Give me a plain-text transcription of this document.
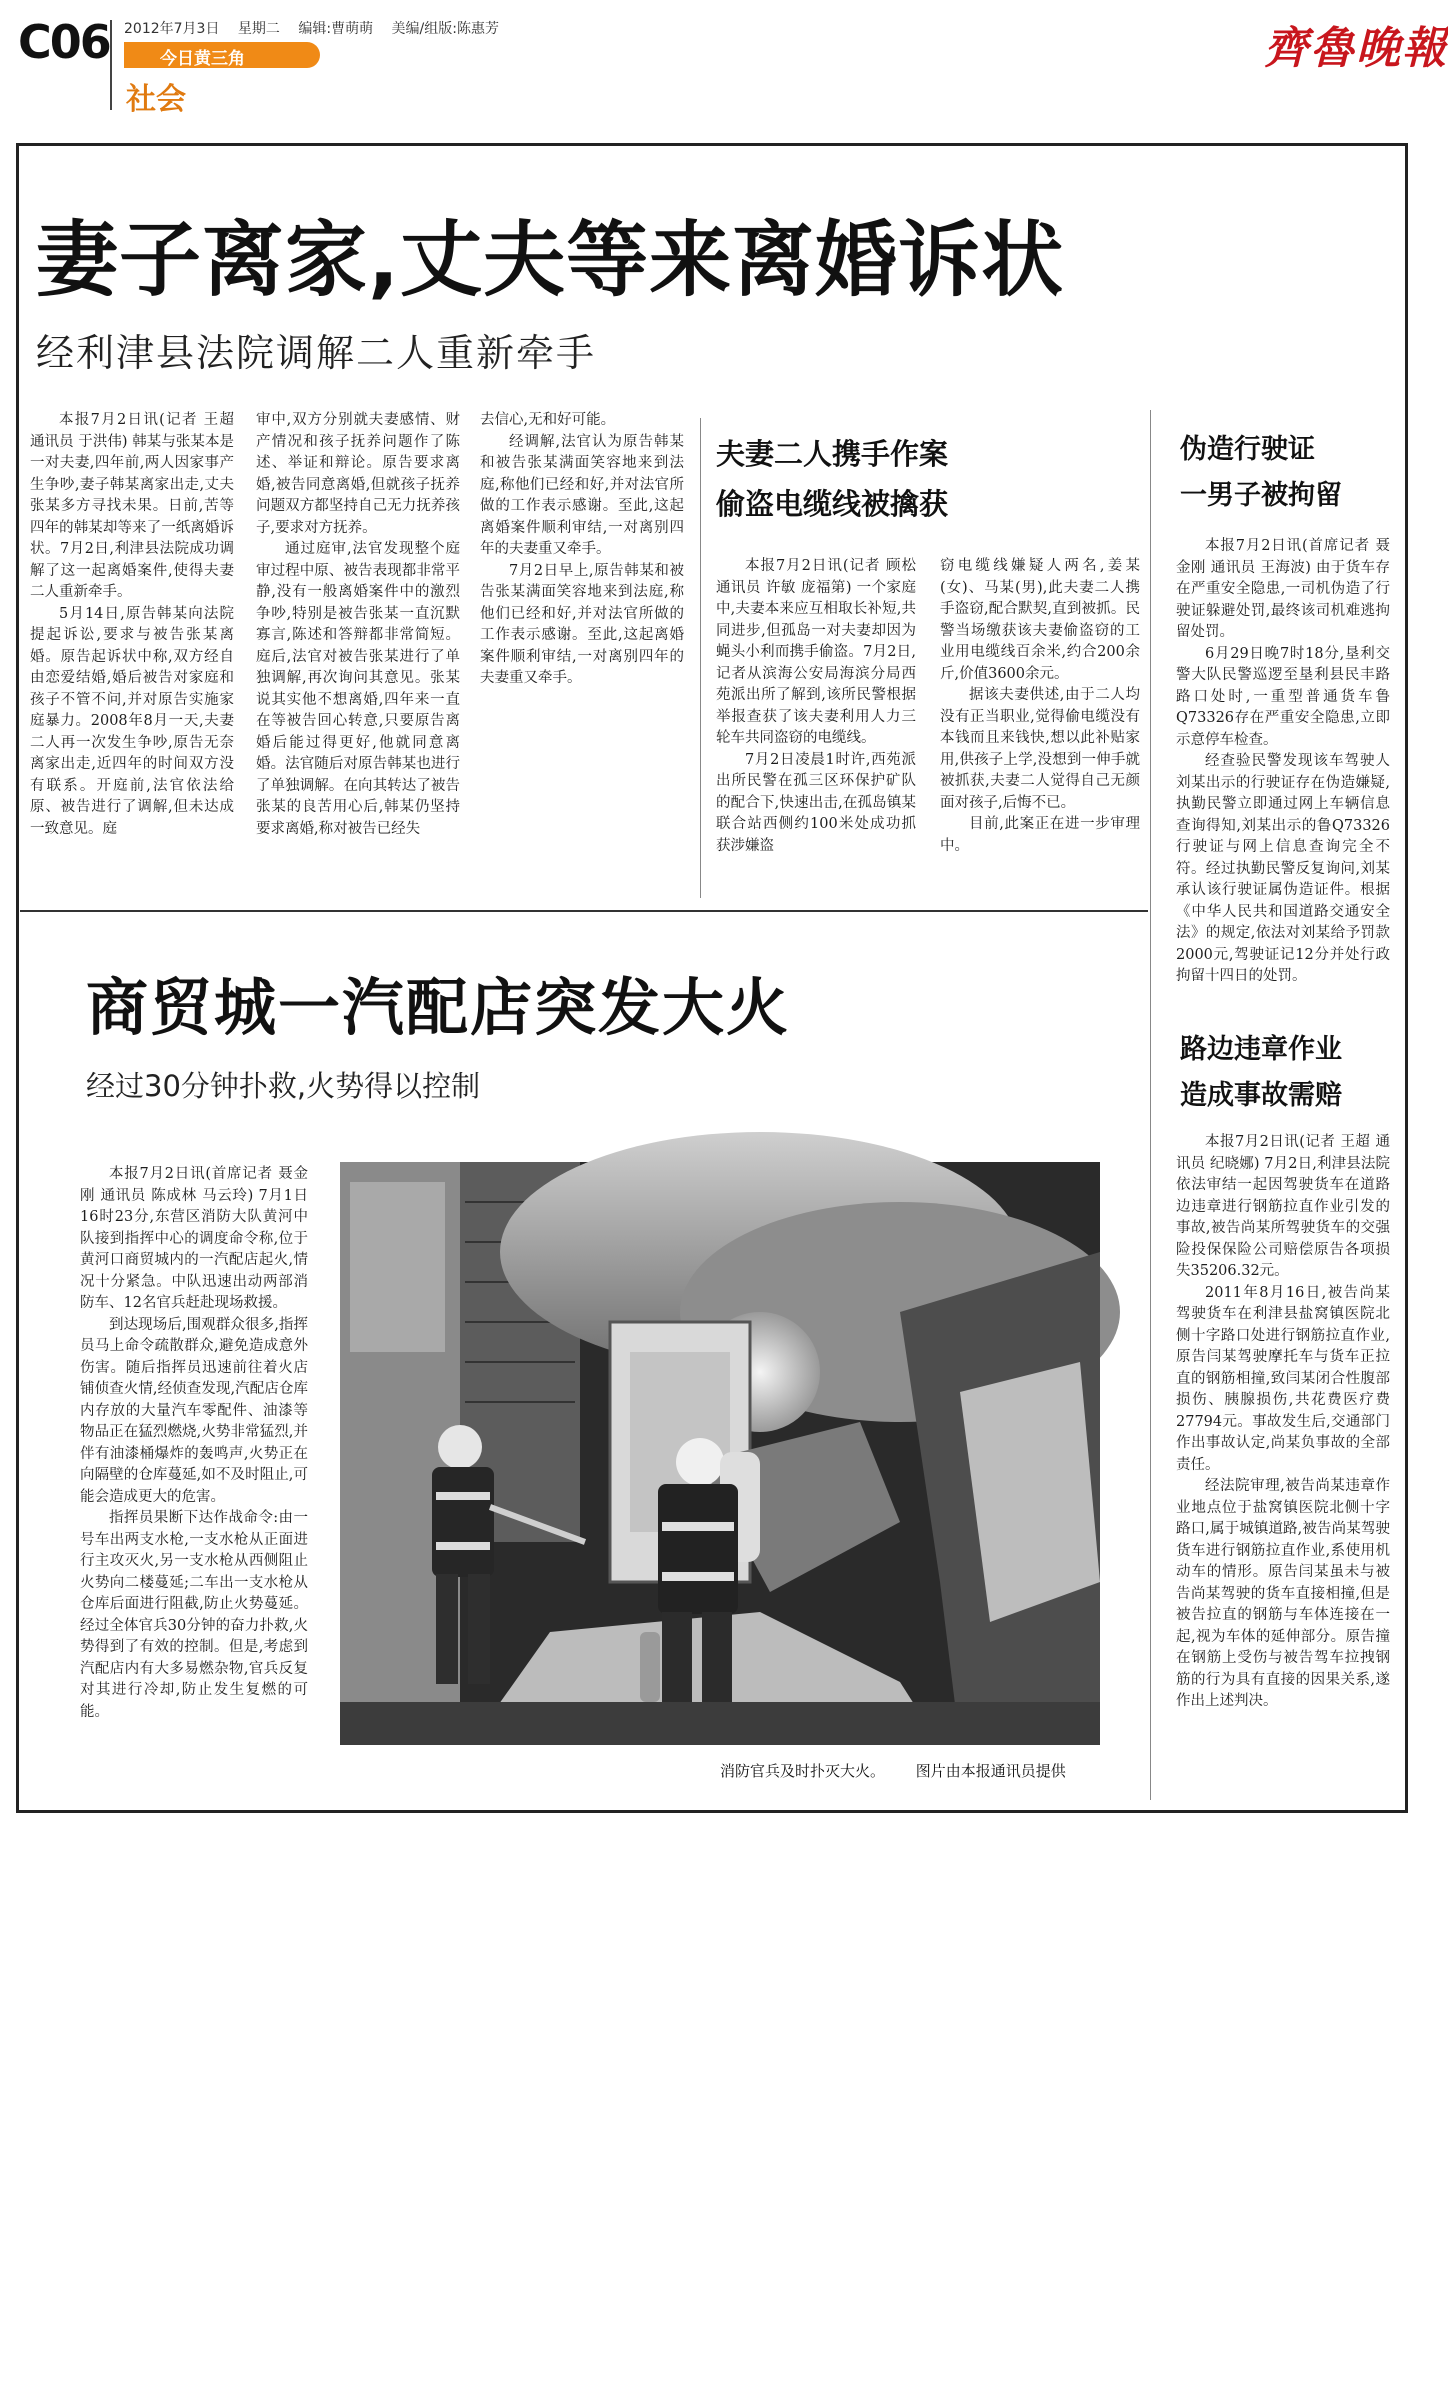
C06 2012年7月3日 星期二 编辑:曹萌萌 美编/组版:陈惠芳
今日黄三角
社会
齊魯晚報
妻子离家,丈夫等来离婚诉状
经利津县法院调解二人重新牵手

本报7月2日讯(记者 王超 通讯员 于洪伟) 韩某与张某本是一对夫妻,四年前,两人因家事产生争吵,妻子韩某离家出走,丈夫张某多方寻找未果。日前,苦等四年的韩某却等来了一纸离婚诉状。7月2日,利津县法院成功调解了这一起离婚案件,使得夫妻二人重新牵手。

5月14日,原告韩某向法院提起诉讼,要求与被告张某离婚。原告起诉状中称,双方经自由恋爱结婚,婚后被告对家庭和孩子不管不问,并对原告实施家庭暴力。2008年8月一天,夫妻二人再一次发生争吵,原告无奈离家出走,近四年的时间双方没有联系。开庭前,法官依法给原、被告进行了调解,但未达成一致意见。庭

审中,双方分别就夫妻感情、财产情况和孩子抚养问题作了陈述、举证和辩论。原告要求离婚,被告同意离婚,但就孩子抚养问题双方都坚持自己无力抚养孩子,要求对方抚养。

通过庭审,法官发现整个庭审过程中原、被告表现都非常平静,没有一般离婚案件中的激烈争吵,特别是被告张某一直沉默寡言,陈述和答辩都非常简短。庭后,法官对被告张某进行了单独调解,再次询问其意见。张某说其实他不想离婚,四年来一直在等被告回心转意,只要原告离婚后能过得更好,他就同意离婚。法官随后对原告韩某也进行了单独调解。在向其转达了被告张某的良苦用心后,韩某仍坚持要求离婚,称对被告已经失

去信心,无和好可能。

经调解,法官认为原告韩某和被告张某满面笑容地来到法庭,称他们已经和好,并对法官所做的工作表示感谢。至此,这起离婚案件顺利审结,一对离别四年的夫妻重又牵手。

7月2日早上,原告韩某和被告张某满面笑容地来到法庭,称他们已经和好,并对法官所做的工作表示感谢。至此,这起离婚案件顺利审结,一对离别四年的夫妻重又牵手。

夫妻二人携手作案
偷盗电缆线被擒获

本报7月2日讯(记者 顾松 通讯员 许敏 庞福第) 一个家庭中,夫妻本来应互相取长补短,共同进步,但孤岛一对夫妻却因为蝇头小利而携手偷盗。7月2日,记者从滨海公安局海滨分局西苑派出所了解到,该所民警根据举报查获了该夫妻利用人力三轮车共同盗窃的电缆线。

7月2日凌晨1时许,西苑派出所民警在孤三区环保护矿队的配合下,快速出击,在孤岛镇某联合站西侧约100米处成功抓获涉嫌盗

窃电缆线嫌疑人两名,姜某(女)、马某(男),此夫妻二人携手盗窃,配合默契,直到被抓。民警当场缴获该夫妻偷盗窃的工业用电缆线百余米,约合200余斤,价值3600余元。

据该夫妻供述,由于二人均没有正当职业,觉得偷电缆没有本钱而且来钱快,想以此补贴家用,供孩子上学,没想到一伸手就被抓获,夫妻二人觉得自己无颜面对孩子,后悔不已。

目前,此案正在进一步审理中。

伪造行驶证
一男子被拘留

本报7月2日讯(首席记者 聂金刚 通讯员 王海波) 由于货车存在严重安全隐患,一司机伪造了行驶证躲避处罚,最终该司机难逃拘留处罚。

6月29日晚7时18分,垦利交警大队民警巡逻至垦利县民丰路路口处时,一重型普通货车鲁Q73326存在严重安全隐患,立即示意停车检查。

经查验民警发现该车驾驶人刘某出示的行驶证存在伪造嫌疑,执勤民警立即通过网上车辆信息查询得知,刘某出示的鲁Q73326行驶证与网上信息查询完全不符。经过执勤民警反复询问,刘某承认该行驶证属伪造证件。根据《中华人民共和国道路交通安全法》的规定,依法对刘某给予罚款2000元,驾驶证记12分并处行政拘留十四日的处罚。

路边违章作业
造成事故需赔

本报7月2日讯(记者 王超 通讯员 纪晓娜) 7月2日,利津县法院依法审结一起因驾驶货车在道路边违章进行钢筋拉直作业引发的事故,被告尚某所驾驶货车的交强险投保保险公司赔偿原告各项损失35206.32元。

2011年8月16日,被告尚某驾驶货车在利津县盐窝镇医院北侧十字路口处进行钢筋拉直作业,原告闫某驾驶摩托车与货车正拉直的钢筋相撞,致闫某闭合性腹部损伤、胰腺损伤,共花费医疗费27794元。事故发生后,交通部门作出事故认定,尚某负事故的全部责任。

经法院审理,被告尚某违章作业地点位于盐窝镇医院北侧十字路口,属于城镇道路,被告尚某驾驶货车进行钢筋拉直作业,系使用机动车的情形。原告闫某虽未与被告尚某驾驶的货车直接相撞,但是被告拉直的钢筋与车体连接在一起,视为车体的延伸部分。原告撞在钢筋上受伤与被告驾车拉拽钢筋的行为具有直接的因果关系,遂作出上述判决。

商贸城一汽配店突发大火
经过30分钟扑救,火势得以控制

本报7月2日讯(首席记者 聂金刚 通讯员 陈成林 马云玲) 7月1日16时23分,东营区消防大队黄河中队接到指挥中心的调度命令称,位于黄河口商贸城内的一汽配店起火,情况十分紧急。中队迅速出动两部消防车、12名官兵赶赴现场救援。

到达现场后,围观群众很多,指挥员马上命令疏散群众,避免造成意外伤害。随后指挥员迅速前往着火店铺侦查火情,经侦查发现,汽配店仓库内存放的大量汽车零配件、油漆等物品正在猛烈燃烧,火势非常猛烈,并伴有油漆桶爆炸的轰鸣声,火势正在向隔壁的仓库蔓延,如不及时阻止,可能会造成更大的危害。

指挥员果断下达作战命令:由一号车出两支水枪,一支水枪从正面进行主攻灭火,另一支水枪从西侧阻止火势向二楼蔓延;二车出一支水枪从仓库后面进行阻截,防止火势蔓延。经过全体官兵30分钟的奋力扑救,火势得到了有效的控制。但是,考虑到汽配店内有大多易燃杂物,官兵反复对其进行冷却,防止发生复燃的可能。

消防官兵及时扑灭大火。 图片由本报通讯员提供
